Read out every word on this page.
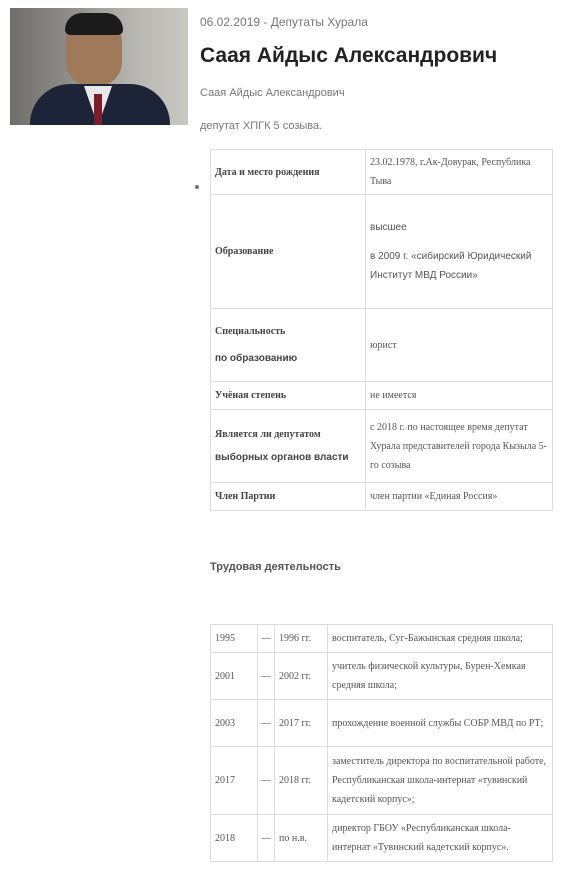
06.02.2019 - Депутаты Хурала
Саая Айдыс Александрович
Саая Айдыс Александрович
депутат ХПГК 5 созыва.
Дата и место рождения	23.02.1978, г.Ак-Довурак, Республика Тыва
Образование	высшее
в 2009 г. «сибирский Юридический Институт МВД России»

Специальность
по образованию	юрист
Учёная степень	не имеется

Является ли депутатом
выборных органов власти	с 2018 г. по настоящее время депутат Хурала представителей города Кызыла 5-го созыва
Член Партии	член партии «Единая Россия»
Трудовая деятельность
1995	—	1996 гг.	воспитатель, Суг-Бажынская средняя школа;
2001	—	2002 гг.	учитель физической культуры, Бурен-Хемкая средняя школа;
2003	—	2017 гг.	прохождение военной службы СОБР МВД по РТ;
2017	—	2018 гг.	заместитель директора по воспитательной работе, Республиканская школа-интернат «тувинский кадетский корпус»;
2018	—	по н.в.	директор ГБОУ «Республиканская школа-интернат «Тувинский кадетский корпус».
